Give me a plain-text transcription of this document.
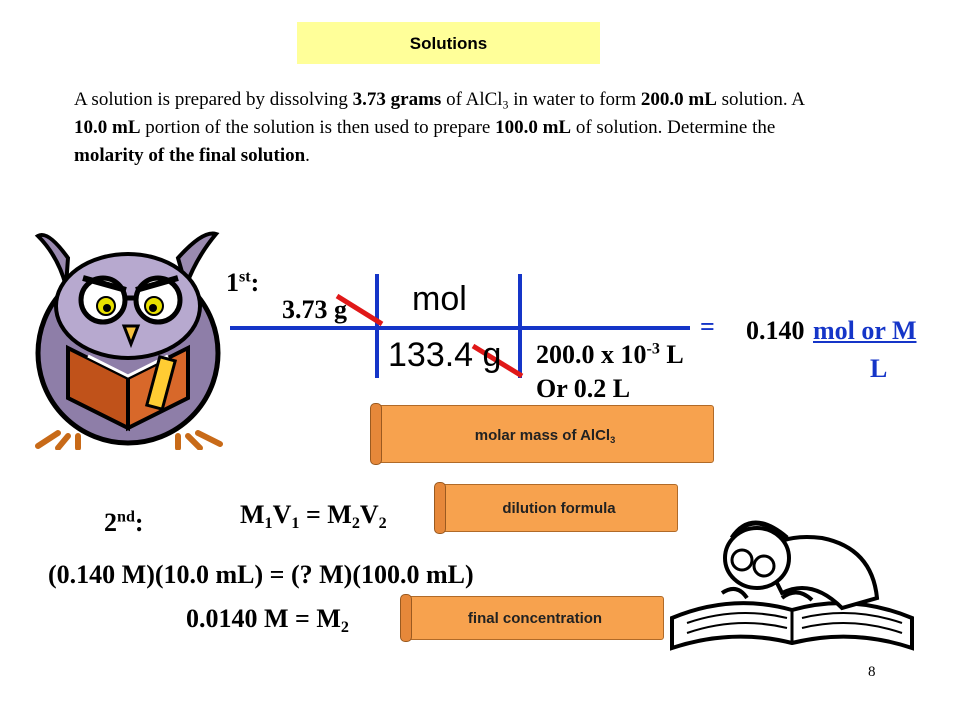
Solutions
A solution is prepared by dissolving 3.73 grams of AlCl$_3$ in water to form 200.0 mL solution. A 10.0 mL portion of the solution is then used to prepare 100.0 mL of solution. Determine the molarity of the final solution.
1st:
3.73 g mol
133.4 g 200.0 x $10^{-3}$ L
Or 0.2 L
= 0.140 mol or M
L
molar mass of AlCl$_3$
2nd:	$M_1V_1 = M_2V_2$
dilution formula
(0.140 M)(10.0 mL) = (? M)(100.0 mL)
0.0140 $M = M_2$
final concentration
8
